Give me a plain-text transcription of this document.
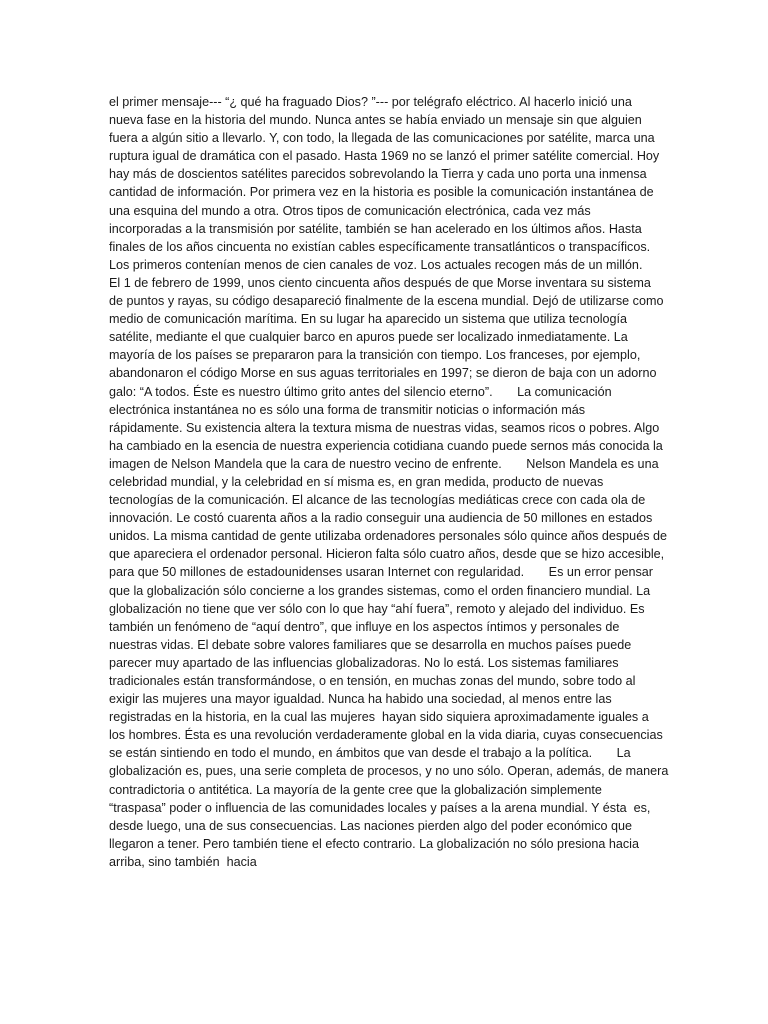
el primer mensaje--- “¿ qué ha fraguado Dios? ”--- por telégrafo eléctrico. Al hacerlo inició una
nueva fase en la historia del mundo. Nunca antes se había enviado un mensaje sin que alguien
fuera a algún sitio a llevarlo. Y, con todo, la llegada de las comunicaciones por satélite, marca una
ruptura igual de dramática con el pasado. Hasta 1969 no se lanzó el primer satélite comercial. Hoy
hay más de doscientos satélites parecidos sobrevolando la Tierra y cada uno porta una inmensa
cantidad de información. Por primera vez en la historia es posible la comunicación instantánea de
una esquina del mundo a otra. Otros tipos de comunicación electrónica, cada vez más
incorporadas a la transmisión por satélite, también se han acelerado en los últimos años. Hasta
finales de los años cincuenta no existían cables específicamente transatlánticos o transpacíficos.
Los primeros contenían menos de cien canales de voz. Los actuales recogen más de un millón.
El 1 de febrero de 1999, unos ciento cincuenta años después de que Morse inventara su sistema
de puntos y rayas, su código desapareció finalmente de la escena mundial. Dejó de utilizarse como
medio de comunicación marítima. En su lugar ha aparecido un sistema que utiliza tecnología
satélite, mediante el que cualquier barco en apuros puede ser localizado inmediatamente. La
mayoría de los países se prepararon para la transición con tiempo. Los franceses, por ejemplo,
abandonaron el código Morse en sus aguas territoriales en 1997; se dieron de baja con un adorno
galo: “A todos. Éste es nuestro último grito antes del silencio eterno”.       La comunicación
electrónica instantánea no es sólo una forma de transmitir noticias o información más
rápidamente. Su existencia altera la textura misma de nuestras vidas, seamos ricos o pobres. Algo
ha cambiado en la esencia de nuestra experiencia cotidiana cuando puede sernos más conocida la
imagen de Nelson Mandela que la cara de nuestro vecino de enfrente.       Nelson Mandela es una
celebridad mundial, y la celebridad en sí misma es, en gran medida, producto de nuevas
tecnologías de la comunicación. El alcance de las tecnologías mediáticas crece con cada ola de
innovación. Le costó cuarenta años a la radio conseguir una audiencia de 50 millones en estados
unidos. La misma cantidad de gente utilizaba ordenadores personales sólo quince años después de
que apareciera el ordenador personal. Hicieron falta sólo cuatro años, desde que se hizo accesible,
para que 50 millones de estadounidenses usaran Internet con regularidad.       Es un error pensar
que la globalización sólo concierne a los grandes sistemas, como el orden financiero mundial. La
globalización no tiene que ver sólo con lo que hay “ahí fuera”, remoto y alejado del individuo. Es
también un fenómeno de “aquí dentro”, que influye en los aspectos íntimos y personales de
nuestras vidas. El debate sobre valores familiares que se desarrolla en muchos países puede
parecer muy apartado de las influencias globalizadoras. No lo está. Los sistemas familiares
tradicionales están transformándose, o en tensión, en muchas zonas del mundo, sobre todo al
exigir las mujeres una mayor igualdad. Nunca ha habido una sociedad, al menos entre las
registradas en la historia, en la cual las mujeres  hayan sido siquiera aproximadamente iguales a
los hombres. Ésta es una revolución verdaderamente global en la vida diaria, cuyas consecuencias
se están sintiendo en todo el mundo, en ámbitos que van desde el trabajo a la política.       La
globalización es, pues, una serie completa de procesos, y no uno sólo. Operan, además, de manera
contradictoria o antitética. La mayoría de la gente cree que la globalización simplemente
“traspasa” poder o influencia de las comunidades locales y países a la arena mundial. Y ésta  es,
desde luego, una de sus consecuencias. Las naciones pierden algo del poder económico que
llegaron a tener. Pero también tiene el efecto contrario. La globalización no sólo presiona hacia
arriba, sino también  hacia
